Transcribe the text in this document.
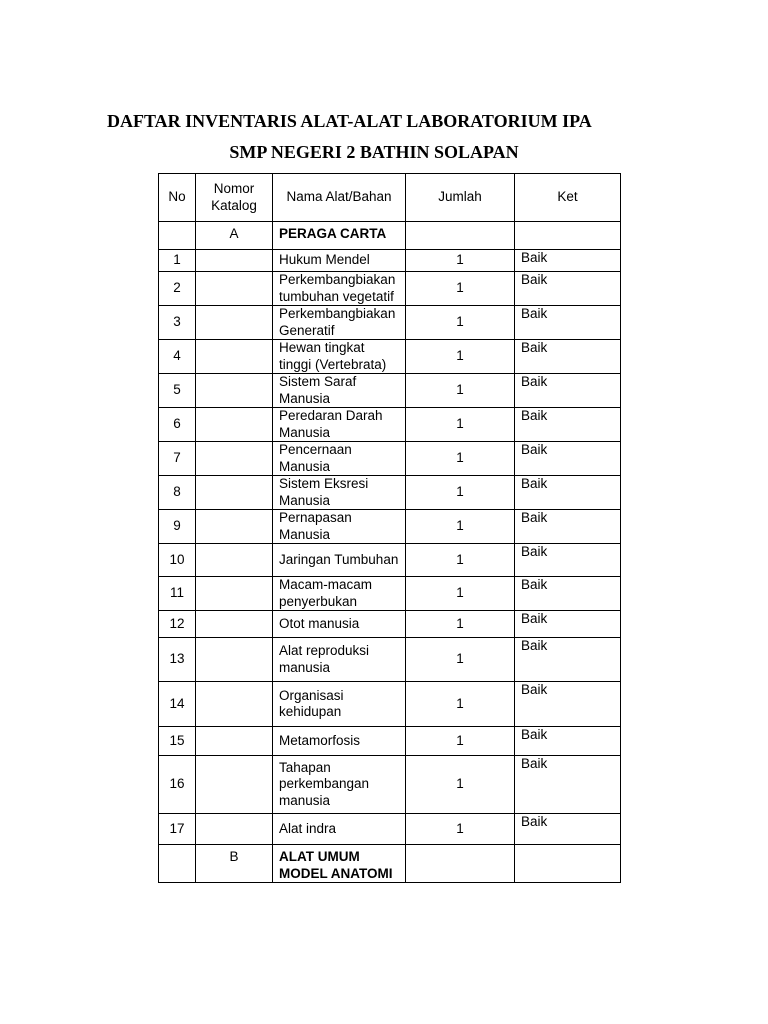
DAFTAR INVENTARIS ALAT-ALAT LABORATORIUM IPA
SMP NEGERI 2 BATHIN SOLAPAN
No	Nomor Katalog	Nama Alat/Bahan	Jumlah	Ket
	A	PERAGA CARTA		
1		Hukum Mendel	1	Baik
2		Perkembangbiakan tumbuhan vegetatif	1	Baik
3		Perkembangbiakan Generatif	1	Baik
4		Hewan tingkat tinggi (Vertebrata)	1	Baik
5		Sistem Saraf Manusia	1	Baik
6		Peredaran Darah Manusia	1	Baik
7		Pencernaan Manusia	1	Baik
8		Sistem Eksresi Manusia	1	Baik
9		Pernapasan Manusia	1	Baik
10		Jaringan Tumbuhan	1	Baik
11		Macam-macam penyerbukan	1	Baik
12		Otot manusia	1	Baik
13		Alat reproduksi manusia	1	Baik
14		Organisasi kehidupan	1	Baik
15		Metamorfosis	1	Baik
16		Tahapan perkembangan manusia	1	Baik
17		Alat indra	1	Baik
	B	ALAT UMUM MODEL ANATOMI		
